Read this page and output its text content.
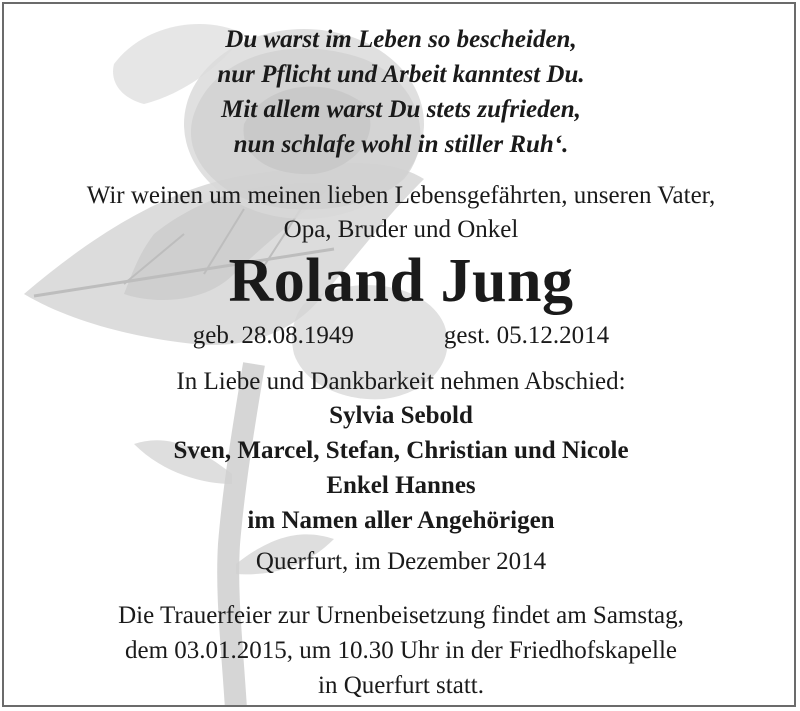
Du warst im Leben so bescheiden,
nur Pflicht und Arbeit kanntest Du.
Mit allem warst Du stets zufrieden,
nun schlafe wohl in stiller Ruh‘.
Wir weinen um meinen lieben Lebensgefährten, unseren Vater,
Opa, Bruder und Onkel
Roland Jung
geb. 28.08.1949	gest. 05.12.2014
In Liebe und Dankbarkeit nehmen Abschied:
Sylvia Sebold
Sven, Marcel, Stefan, Christian und Nicole
Enkel Hannes
im Namen aller Angehörigen
Querfurt, im Dezember 2014
Die Trauerfeier zur Urnenbeisetzung findet am Samstag,
dem 03.01.2015, um 10.30 Uhr in der Friedhofskapelle
in Querfurt statt.
